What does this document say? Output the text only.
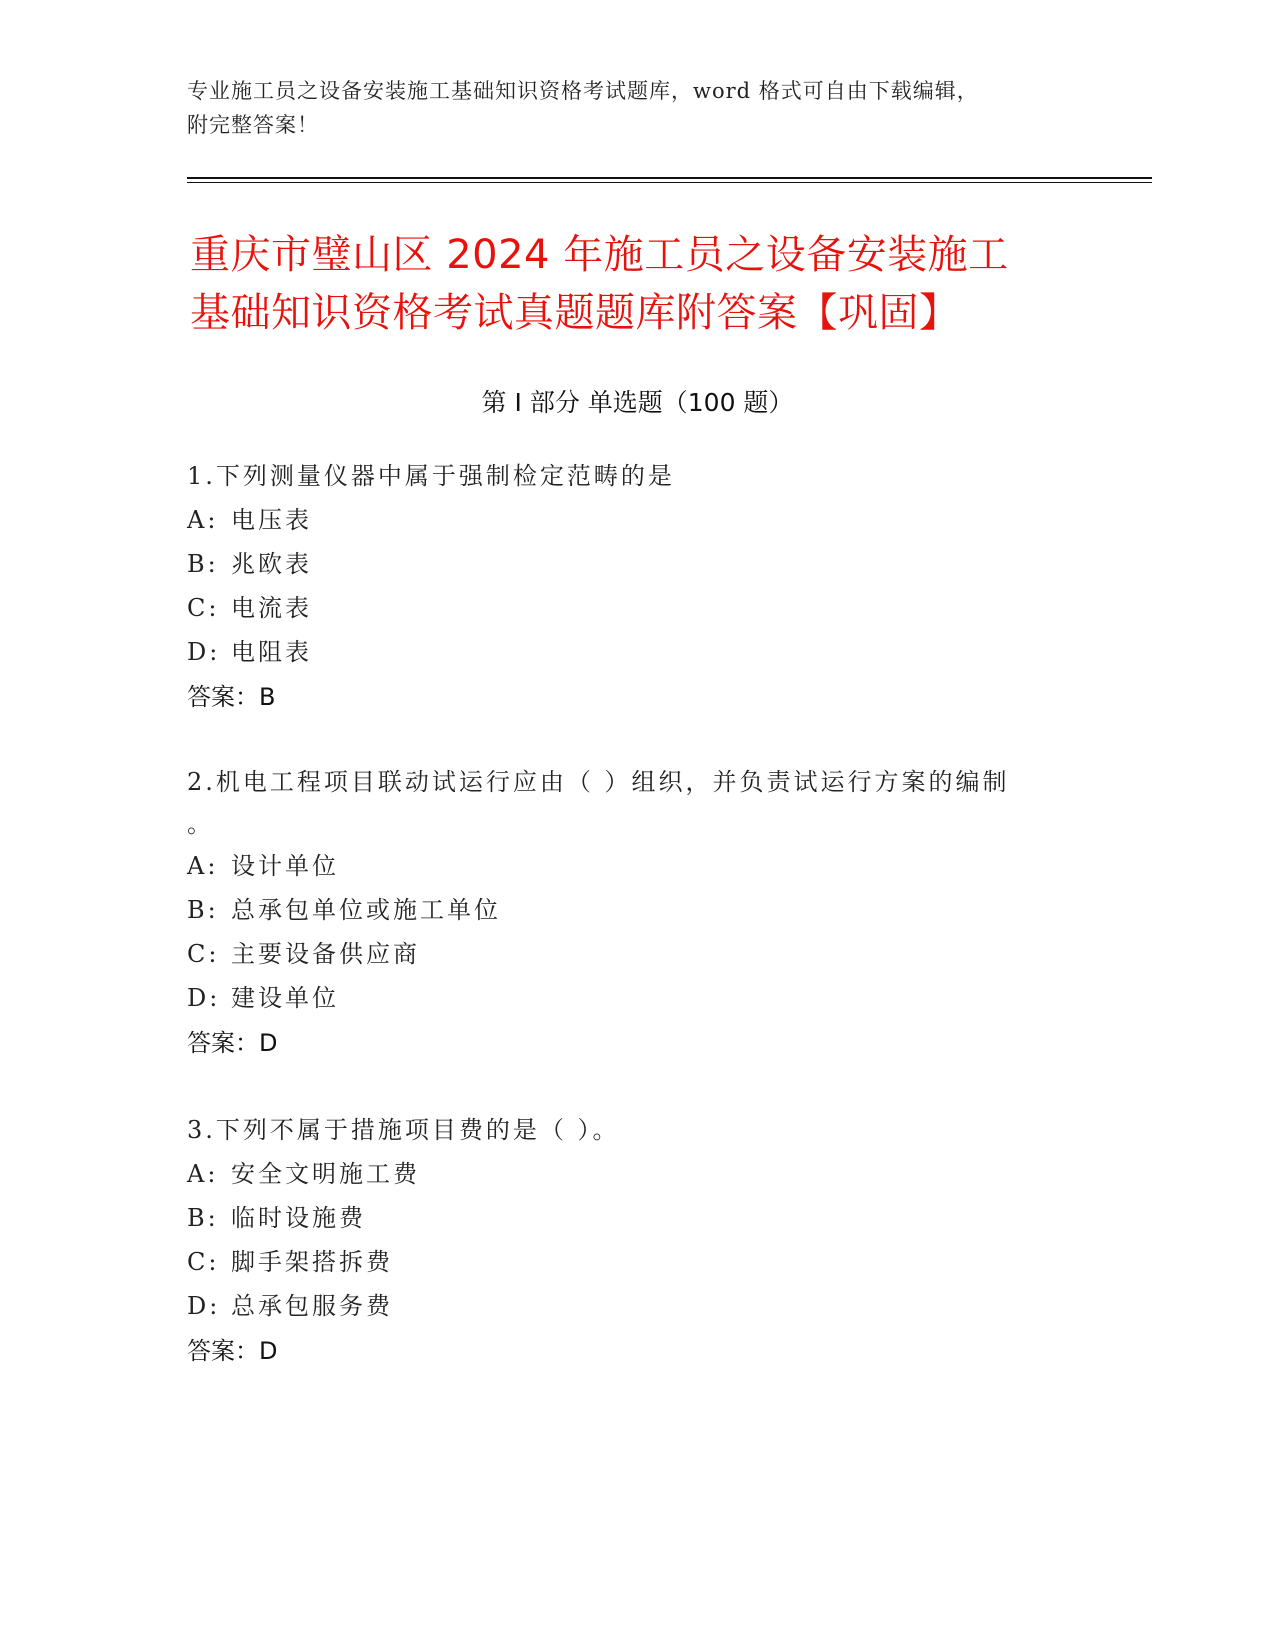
专业施工员之设备安装施工基础知识资格考试题库，word 格式可自由下载编辑，
附完整答案！
重庆市璧山区 2024 年施工员之设备安装施工
基础知识资格考试真题题库附答案【巩固】
第 I 部分 单选题（100 题）
1.下列测量仪器中属于强制检定范畴的是
A: 电压表
B: 兆欧表
C: 电流表
D: 电阻表
答案：B
2.机电工程项目联动试运行应由（ ）组织，并负责试运行方案的编制
。
A: 设计单位
B: 总承包单位或施工单位
C: 主要设备供应商
D: 建设单位
答案：D
3.下列不属于措施项目费的是（ ）。
A: 安全文明施工费
B: 临时设施费
C: 脚手架搭拆费
D: 总承包服务费
答案：D
